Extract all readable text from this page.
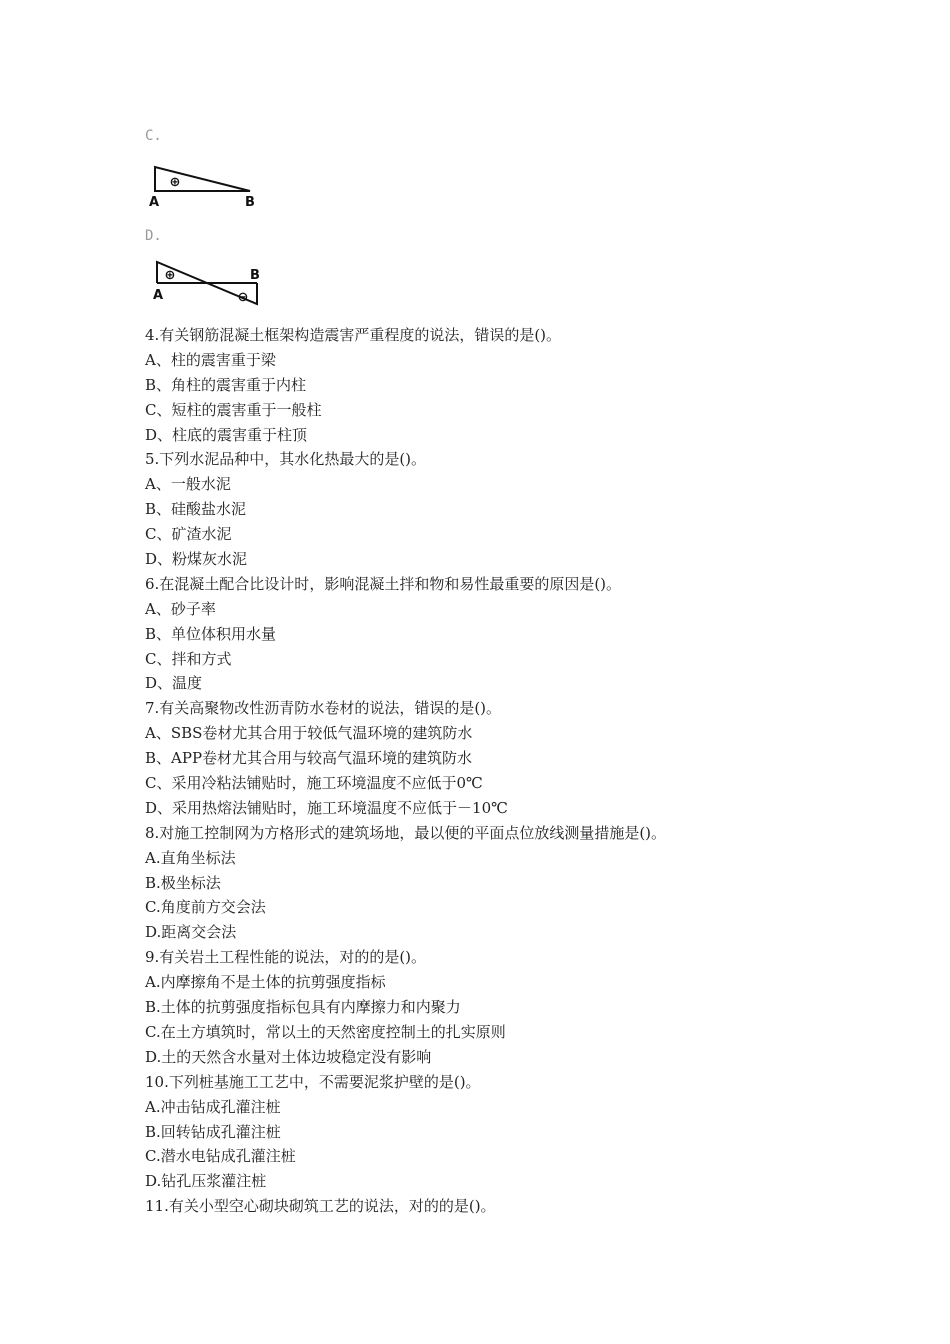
C.
⊕
A	B
D.
⊕
⊖
A
B
4.有关钢筋混凝土框架构造震害严重程度的说法，错误的是()。
A、柱的震害重于梁
B、角柱的震害重于内柱
C、短柱的震害重于一般柱
D、柱底的震害重于柱顶
5.下列水泥品种中，其水化热最大的是()。
A、一般水泥
B、硅酸盐水泥
C、矿渣水泥
D、粉煤灰水泥
6.在混凝土配合比设计时，影响混凝土拌和物和易性最重要的原因是()。
A、砂子率
B、单位体积用水量
C、拌和方式
D、温度
7.有关高聚物改性沥青防水卷材的说法，错误的是()。
A、SBS卷材尤其合用于较低气温环境的建筑防水
B、APP卷材尤其合用与较高气温环境的建筑防水
C、采用冷粘法铺贴时，施工环境温度不应低于0℃
D、采用热熔法铺贴时，施工环境温度不应低于－10℃
8.对施工控制网为方格形式的建筑场地，最以便的平面点位放线测量措施是()。
A.直角坐标法
B.极坐标法
C.角度前方交会法
D.距离交会法
9.有关岩土工程性能的说法，对的的是()。
A.内摩擦角不是土体的抗剪强度指标
B.土体的抗剪强度指标包具有内摩擦力和内聚力
C.在土方填筑时，常以土的天然密度控制土的扎实原则
D.土的天然含水量对土体边坡稳定没有影响
10.下列桩基施工工艺中，不需要泥浆护壁的是()。
A.冲击钻成孔灌注桩
B.回转钻成孔灌注桩
C.潜水电钻成孔灌注桩
D.钻孔压浆灌注桩
11.有关小型空心砌块砌筑工艺的说法，对的的是()。
